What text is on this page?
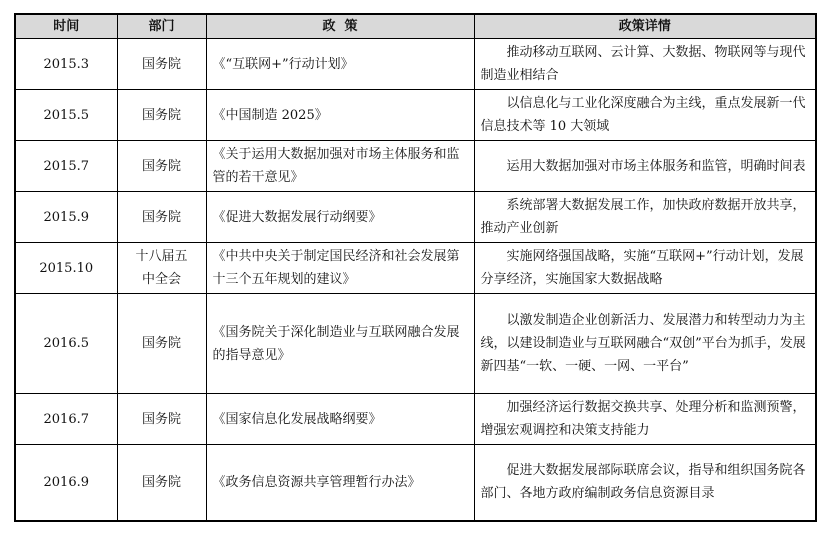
时间	部门	政  策	政策详情
2015.3	国务院	《“互联网+”行动计划》	推动移动互联网、云计算、大数据、物联网等与现代制造业相结合
2015.5	国务院	《中国制造 2025》	以信息化与工业化深度融合为主线，重点发展新一代信息技术等 10 大领域
2015.7	国务院	《关于运用大数据加强对市场主体服务和监管的若干意见》	运用大数据加强对市场主体服务和监管，明确时间表
2015.9	国务院	《促进大数据发展行动纲要》	系统部署大数据发展工作，加快政府数据开放共享，推动产业创新
2015.10	十八届五中全会	《中共中央关于制定国民经济和社会发展第十三个五年规划的建议》	实施网络强国战略，实施“互联网+”行动计划，发展分享经济，实施国家大数据战略
2016.5	国务院	《国务院关于深化制造业与互联网融合发展的指导意见》	以激发制造企业创新活力、发展潜力和转型动力为主线，以建设制造业与互联网融合“双创”平台为抓手，发展新四基“一软、一硬、一网、一平台”
2016.7	国务院	《国家信息化发展战略纲要》	加强经济运行数据交换共享、处理分析和监测预警，增强宏观调控和决策支持能力
2016.9	国务院	《政务信息资源共享管理暂行办法》	促进大数据发展部际联席会议，指导和组织国务院各部门、各地方政府编制政务信息资源目录
